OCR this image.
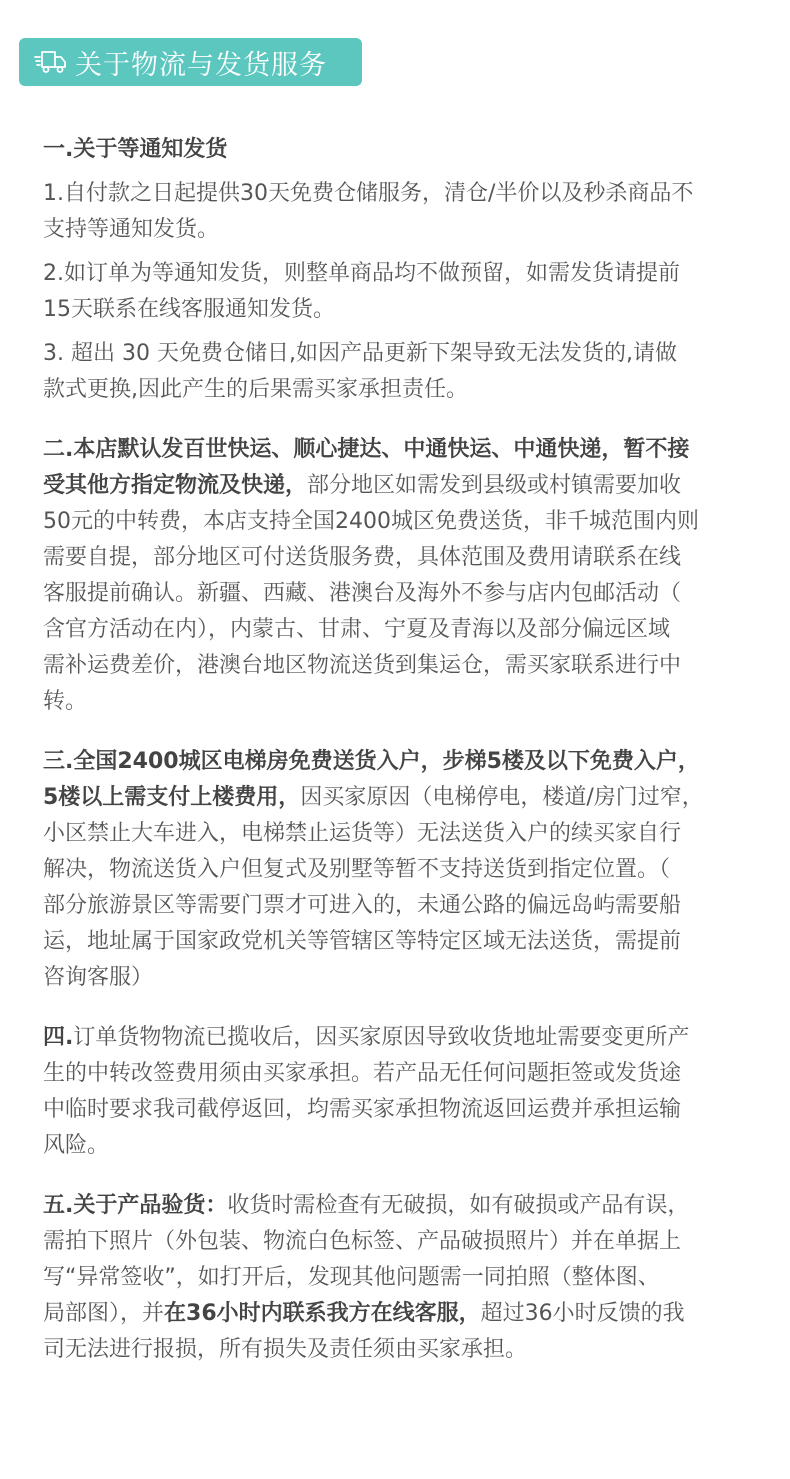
关于物流与发货服务

一.关于等通知发货

1.自付款之日起提供30天免费仓储服务，清仓/半价以及秒杀商品不
支持等通知发货。

2.如订单为等通知发货，则整单商品均不做预留，如需发货请提前
15天联系在线客服通知发货。

3. 超出 30 天免费仓储日,如因产品更新下架导致无法发货的,请做
款式更换,因此产生的后果需买家承担责任。

二.本店默认发百世快运、顺心捷达、中通快运、中通快递，暂不接
受其他方指定物流及快递，部分地区如需发到县级或村镇需要加收
50元的中转费，本店支持全国2400城区免费送货，非千城范围内则
需要自提，部分地区可付送货服务费，具体范围及费用请联系在线
客服提前确认。新疆、西藏、港澳台及海外不参与店内包邮活动（
含官方活动在内），内蒙古、甘肃、宁夏及青海以及部分偏远区域
需补运费差价，港澳台地区物流送货到集运仓，需买家联系进行中
转。

三.全国2400城区电梯房免费送货入户，步梯5楼及以下免费入户，
5楼以上需支付上楼费用，因买家原因（电梯停电，楼道/房门过窄，
小区禁止大车进入，电梯禁止运货等）无法送货入户的续买家自行
解决，物流送货入户但复式及别墅等暂不支持送货到指定位置。（
部分旅游景区等需要门票才可进入的，未通公路的偏远岛屿需要船
运，地址属于国家政党机关等管辖区等特定区域无法送货，需提前
咨询客服）

四.订单货物物流已揽收后，因买家原因导致收货地址需要变更所产
生的中转改签费用须由买家承担。若产品无任何问题拒签或发货途
中临时要求我司截停返回，均需买家承担物流返回运费并承担运输
风险。

五.关于产品验货：收货时需检查有无破损，如有破损或产品有误，
需拍下照片（外包装、物流白色标签、产品破损照片）并在单据上
写“异常签收”，如打开后，发现其他问题需一同拍照（整体图、
局部图），并在36小时内联系我方在线客服，超过36小时反馈的我
司无法进行报损，所有损失及责任须由买家承担。
